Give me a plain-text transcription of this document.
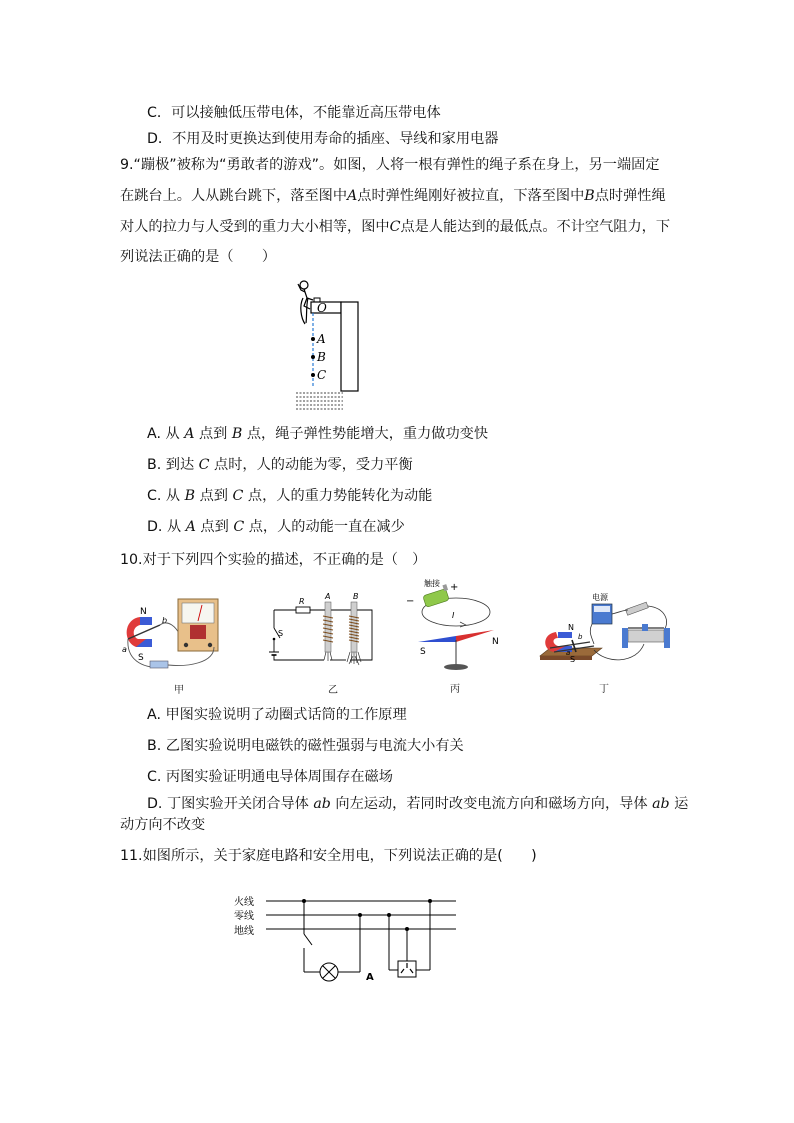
C．可以接触低压带电体，不能靠近高压带电体
D．不用及时更换达到使用寿命的插座、导线和家用电器
9.“蹦极”被称为“勇敢者的游戏”。如图，人将一根有弹性的绳子系在身上，另一端固定
在跳台上。人从跳台跳下，落至图中A点时弹性绳刚好被拉直，下落至图中B点时弹性绳
对人的拉力与人受到的重力大小相等，图中C点是人能达到的最低点。不计空气阻力，下
列说法正确的是（　　）
O
A
B
C
A. 从 A 点到 B 点，绳子弹性势能增大，重力做功变快
B. 到达 C 点时，人的动能为零，受力平衡
C. 从 B 点到 C 点，人的重力势能转化为动能
D. 从 A 点到 C 点，人的动能一直在减少
10.对于下列四个实验的描述，不正确的是（　）
N
S
a
b
甲
R
A	B
S
乙
触接 +
−
I
N
S
丙
电源
N
S
a
b
丁
A. 甲图实验说明了动圈式话筒的工作原理
B. 乙图实验说明电磁铁的磁性强弱与电流大小有关
C. 丙图实验证明通电导体周围存在磁场
D. 丁图实验开关闭合导体 ab 向左运动，若同时改变电流方向和磁场方向，导体 ab 运
动方向不改变
11.如图所示，关于家庭电路和安全用电，下列说法正确的是(　　)
火线
零线
地线
A
